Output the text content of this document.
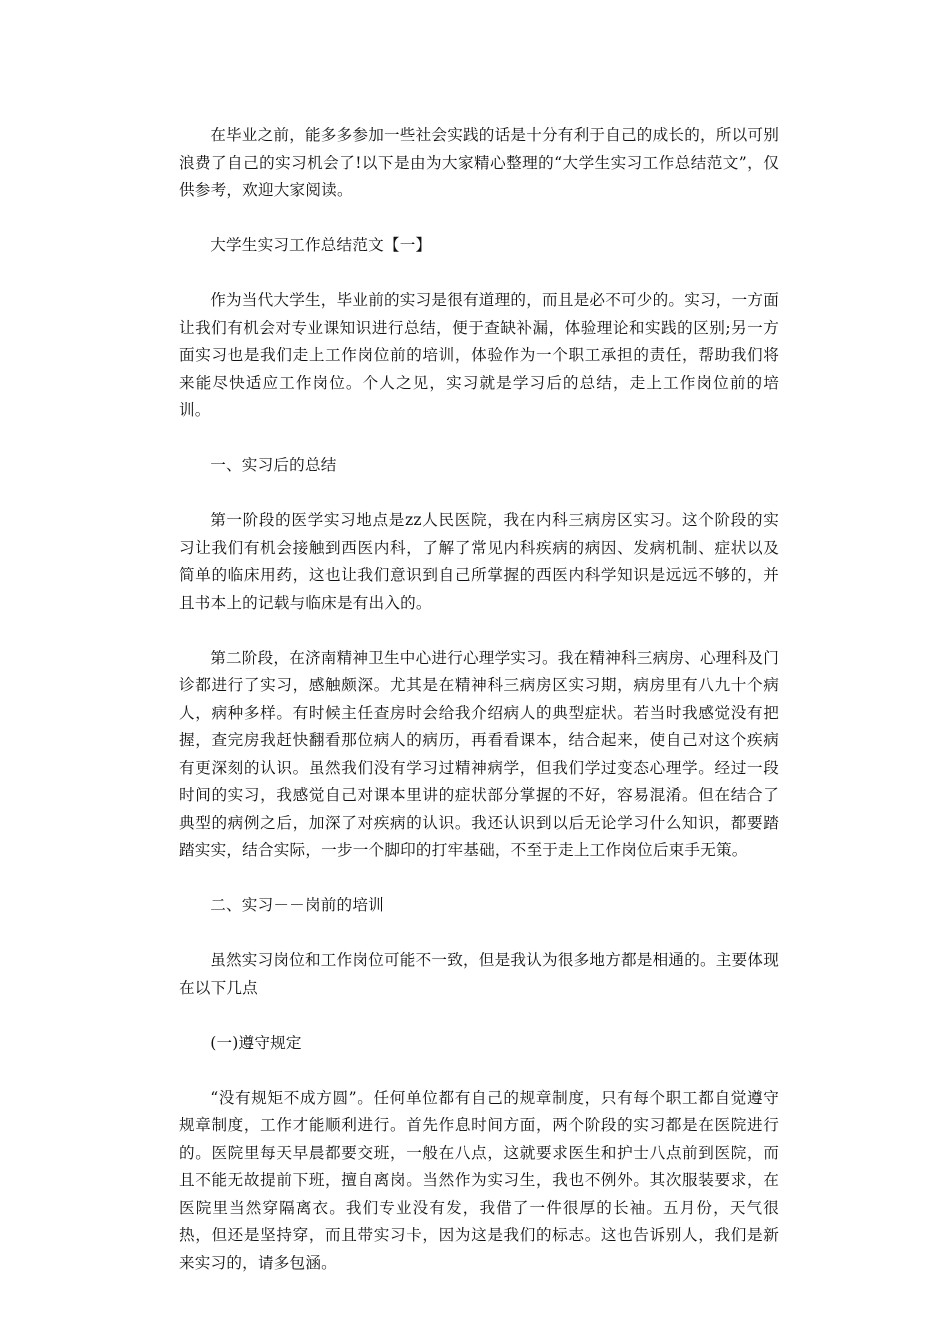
在毕业之前，能多多参加一些社会实践的话是十分有利于自己的成长的，所以可别浪费了自己的实习机会了!以下是由为大家精心整理的“大学生实习工作总结范文”，仅供参考，欢迎大家阅读。

大学生实习工作总结范文【一】

作为当代大学生，毕业前的实习是很有道理的，而且是必不可少的。实习，一方面让我们有机会对专业课知识进行总结，便于查缺补漏，体验理论和实践的区别;另一方面实习也是我们走上工作岗位前的培训，体验作为一个职工承担的责任，帮助我们将来能尽快适应工作岗位。个人之见，实习就是学习后的总结，走上工作岗位前的培训。

一、实习后的总结

第一阶段的医学实习地点是zz人民医院，我在内科三病房区实习。这个阶段的实习让我们有机会接触到西医内科，了解了常见内科疾病的病因、发病机制、症状以及简单的临床用药，这也让我们意识到自己所掌握的西医内科学知识是远远不够的，并且书本上的记载与临床是有出入的。

第二阶段，在济南精神卫生中心进行心理学实习。我在精神科三病房、心理科及门诊都进行了实习，感触颇深。尤其是在精神科三病房区实习期，病房里有八九十个病人，病种多样。有时候主任查房时会给我介绍病人的典型症状。若当时我感觉没有把握，查完房我赶快翻看那位病人的病历，再看看课本，结合起来，使自己对这个疾病有更深刻的认识。虽然我们没有学习过精神病学，但我们学过变态心理学。经过一段时间的实习，我感觉自己对课本里讲的症状部分掌握的不好，容易混淆。但在结合了典型的病例之后，加深了对疾病的认识。我还认识到以后无论学习什么知识，都要踏踏实实，结合实际，一步一个脚印的打牢基础，不至于走上工作岗位后束手无策。

二、实习－－岗前的培训

虽然实习岗位和工作岗位可能不一致，但是我认为很多地方都是相通的。主要体现在以下几点

(一)遵守规定

“没有规矩不成方圆”。任何单位都有自己的规章制度，只有每个职工都自觉遵守规章制度，工作才能顺利进行。首先作息时间方面，两个阶段的实习都是在医院进行的。医院里每天早晨都要交班，一般在八点，这就要求医生和护士八点前到医院，而且不能无故提前下班，擅自离岗。当然作为实习生，我也不例外。其次服装要求，在医院里当然穿隔离衣。我们专业没有发，我借了一件很厚的长袖。五月份，天气很热，但还是坚持穿，而且带实习卡，因为这是我们的标志。这也告诉别人，我们是新来实习的，请多包涵。
